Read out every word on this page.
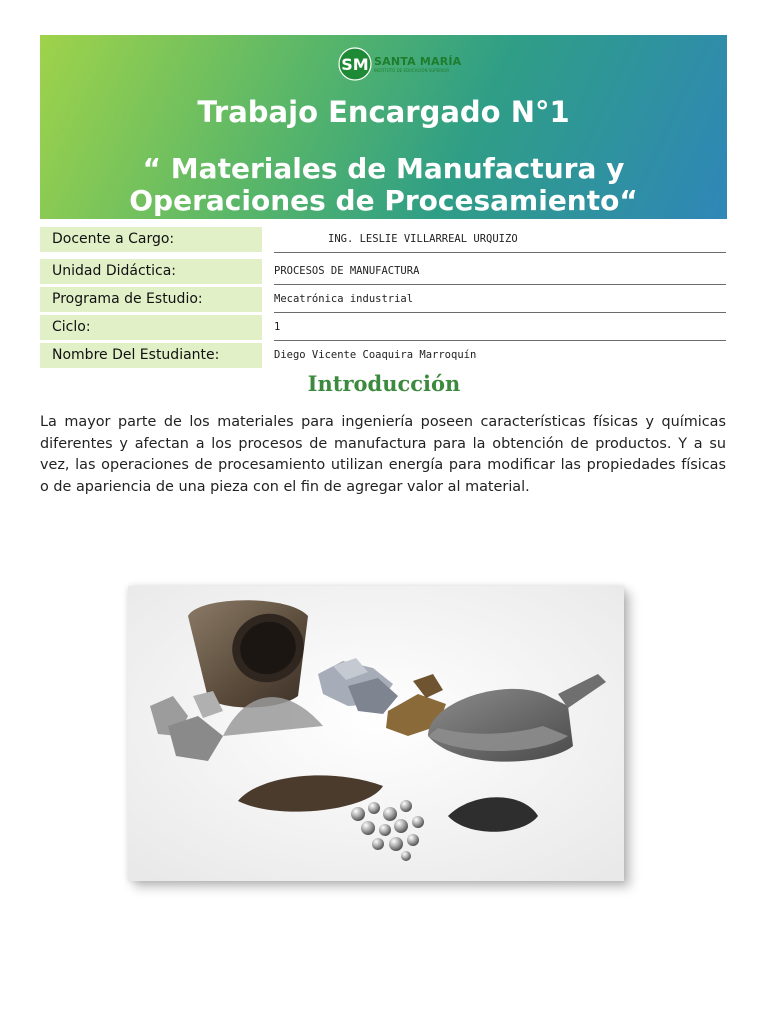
SM SANTA MARÍA
INSTITUTO DE EDUCACIÓN SUPERIOR
Trabajo Encargado N°1
“ Materiales de Manufactura y
Operaciones de Procesamiento“
Docente a Cargo:	ING. LESLIE VILLARREAL URQUIZO
Unidad Didáctica:	PROCESOS DE MANUFACTURA
Programa de Estudio:	Mecatrónica industrial
Ciclo:	1
Nombre Del Estudiante:	Diego Vicente Coaquira Marroquín
Introducción

La mayor parte de los materiales para ingeniería poseen características físicas y químicas diferentes y afectan a los procesos de manufactura para la obtención de productos. Y a su vez, las operaciones de procesamiento utilizan energía para modificar las propiedades físicas o de apariencia de una pieza con el fin de agregar valor al material.
